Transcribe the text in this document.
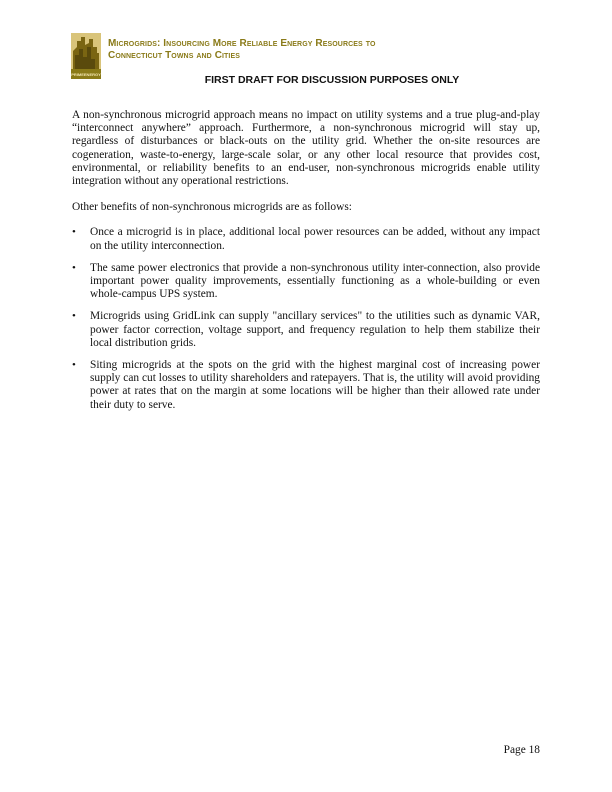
PRIMEENERGY
Microgrids: Insourcing More Reliable Energy Resources to
Connecticut Towns and Cities
FIRST DRAFT FOR DISCUSSION PURPOSES ONLY

A non-synchronous microgrid approach means no impact on utility systems and a true plug-and-play “interconnect anywhere” approach. Furthermore, a non-synchronous microgrid will stay up, regardless of disturbances or black-outs on the utility grid. Whether the on-site resources are cogeneration, waste-to-energy, large-scale solar, or any other local resource that provides cost, environmental, or reliability benefits to an end-user, non-synchronous microgrids enable utility integration without any operational restrictions.

Other benefits of non-synchronous microgrids are as follows:

•	Once a microgrid is in place, additional local power resources can be added, without any impact on the utility interconnection.
•	The same power electronics that provide a non-synchronous utility inter-connection, also provide important power quality improvements, essentially functioning as a whole-building or even whole-campus UPS system.
•	Microgrids using GridLink can supply "ancillary services" to the utilities such as dynamic VAR, power factor correction, voltage support, and frequency regulation to help them stabilize their local distribution grids.
•	Siting microgrids at the spots on the grid with the highest marginal cost of increasing power supply can cut losses to utility shareholders and ratepayers. That is, the utility will avoid providing power at rates that on the margin at some locations will be higher than their allowed rate under their duty to serve.
Page 18
